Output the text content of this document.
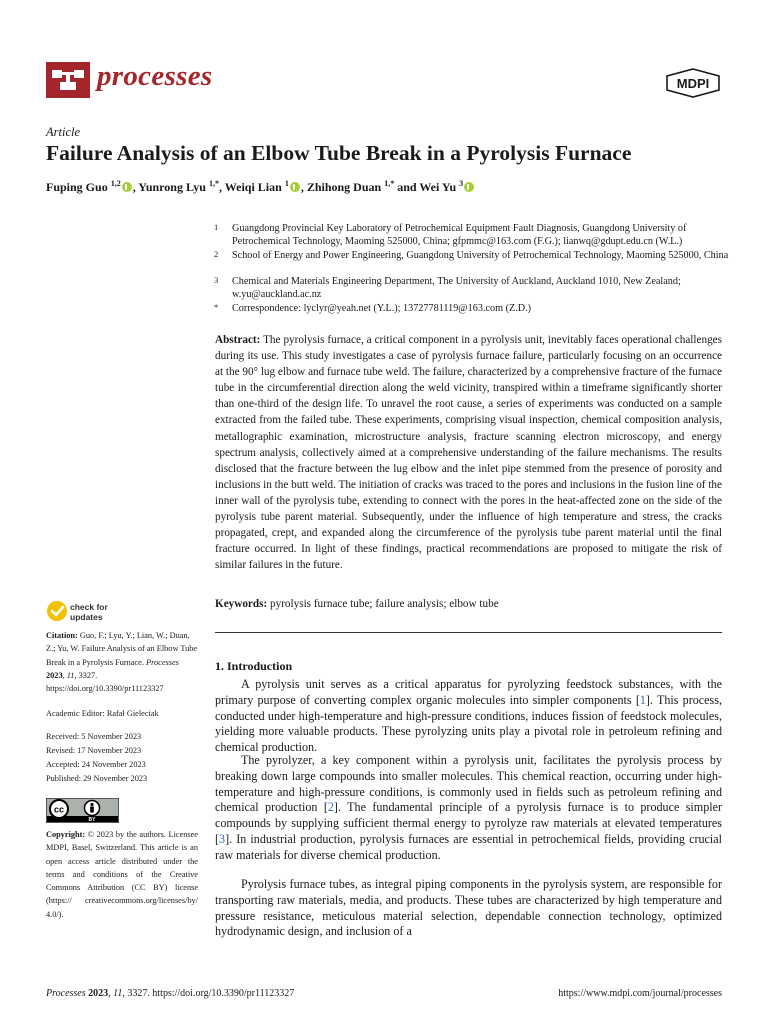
processes	MDPI
Article
Failure Analysis of an Elbow Tube Break in a Pyrolysis Furnace
Fuping Guo $^{1,2}$ , Yunrong Lyu $^{1,*}$, Weiqi Lian $^1$ , Zhihong Duan $^{1,*}$ and Wei Yu $^3$
1 Guangdong Provincial Key Laboratory of Petrochemical Equipment Fault Diagnosis, Guangdong University of Petrochemical Technology, Maoming 525000, China; gfpmmc@163.com (F.G.); lianwq@gdupt.edu.cn (W.L.)
2 School of Energy and Power Engineering, Guangdong University of Petrochemical Technology, Maoming 525000, China
3 Chemical and Materials Engineering Department, The University of Auckland, Auckland 1010, New Zealand; w.yu@auckland.ac.nz
* Correspondence: lyclyr@yeah.net (Y.L.); 13727781119@163.com (Z.D.)
Abstract: The pyrolysis furnace, a critical component in a pyrolysis unit, inevitably faces operational challenges during its use. This study investigates a case of pyrolysis furnace failure, particularly focusing on an occurrence at the 90° lug elbow and furnace tube weld. The failure, characterized by a comprehensive fracture of the furnace tube in the circumferential direction along the weld vicinity, transpired within a timeframe significantly shorter than one-third of the design life. To unravel the root cause, a series of experiments was conducted on a sample extracted from the failed tube. These experiments, comprising visual inspection, chemical composition analysis, metallographic examination, microstructure analysis, fracture scanning electron microscopy, and energy spectrum analysis, collectively aimed at a comprehensive understanding of the failure mechanisms. The results disclosed that the fracture between the lug elbow and the inlet pipe stemmed from the presence of porosity and inclusions in the butt weld. The initiation of cracks was traced to the pores and inclusions in the fusion line of the inner wall of the pyrolysis tube, extending to connect with the pores in the heat-affected zone on the side of the pyrolysis tube parent material. Subsequently, under the influence of high temperature and stress, the cracks propagated, crept, and expanded along the circumference of the pyrolysis tube parent material until the final fracture occurred. In light of these findings, practical recommendations are proposed to mitigate the risk of similar failures in the future.
Keywords: pyrolysis furnace tube; failure analysis; elbow tube
check for
updates
Citation: Guo, F.; Lyu, Y.; Lian, W.; Duan, Z.; Yu, W. Failure Analysis of an Elbow Tube Break in a Pyrolysis Furnace. Processes 2023, 11, 3327. https://doi.org/10.3390/pr11123327
Academic Editor: Rafał Gieleciak
Received: 5 November 2023
Revised: 17 November 2023
Accepted: 24 November 2023
Published: 29 November 2023
cc
BY
Copyright: © 2023 by the authors. Licensee MDPI, Basel, Switzerland. This article is an open access article distributed under the terms and conditions of the Creative Commons Attribution (CC BY) license (https:// creativecommons.org/licenses/by/ 4.0/).
1. Introduction
A pyrolysis unit serves as a critical apparatus for pyrolyzing feedstock substances, with the primary purpose of converting complex organic molecules into simpler components [1]. This process, conducted under high-temperature and high-pressure conditions, induces fission of feedstock molecules, yielding more valuable products. These pyrolyzing units play a pivotal role in petroleum refining and chemical production.
The pyrolyzer, a key component within a pyrolysis unit, facilitates the pyrolysis process by breaking down large compounds into smaller molecules. This chemical reaction, occurring under high-temperature and high-pressure conditions, is commonly used in fields such as petroleum refining and chemical production [2]. The fundamental principle of a pyrolysis furnace is to produce simpler compounds by supplying sufficient thermal energy to pyrolyze raw materials at elevated temperatures [3]. In industrial production, pyrolysis furnaces are essential in petrochemical fields, providing crucial raw materials for diverse chemical production.
Pyrolysis furnace tubes, as integral piping components in the pyrolysis system, are responsible for transporting raw materials, media, and products. These tubes are characterized by high temperature and pressure resistance, meticulous material selection, dependable connection technology, optimized hydrodynamic design, and inclusion of a
Processes 2023, 11, 3327. https://doi.org/10.3390/pr11123327	https://www.mdpi.com/journal/processes
